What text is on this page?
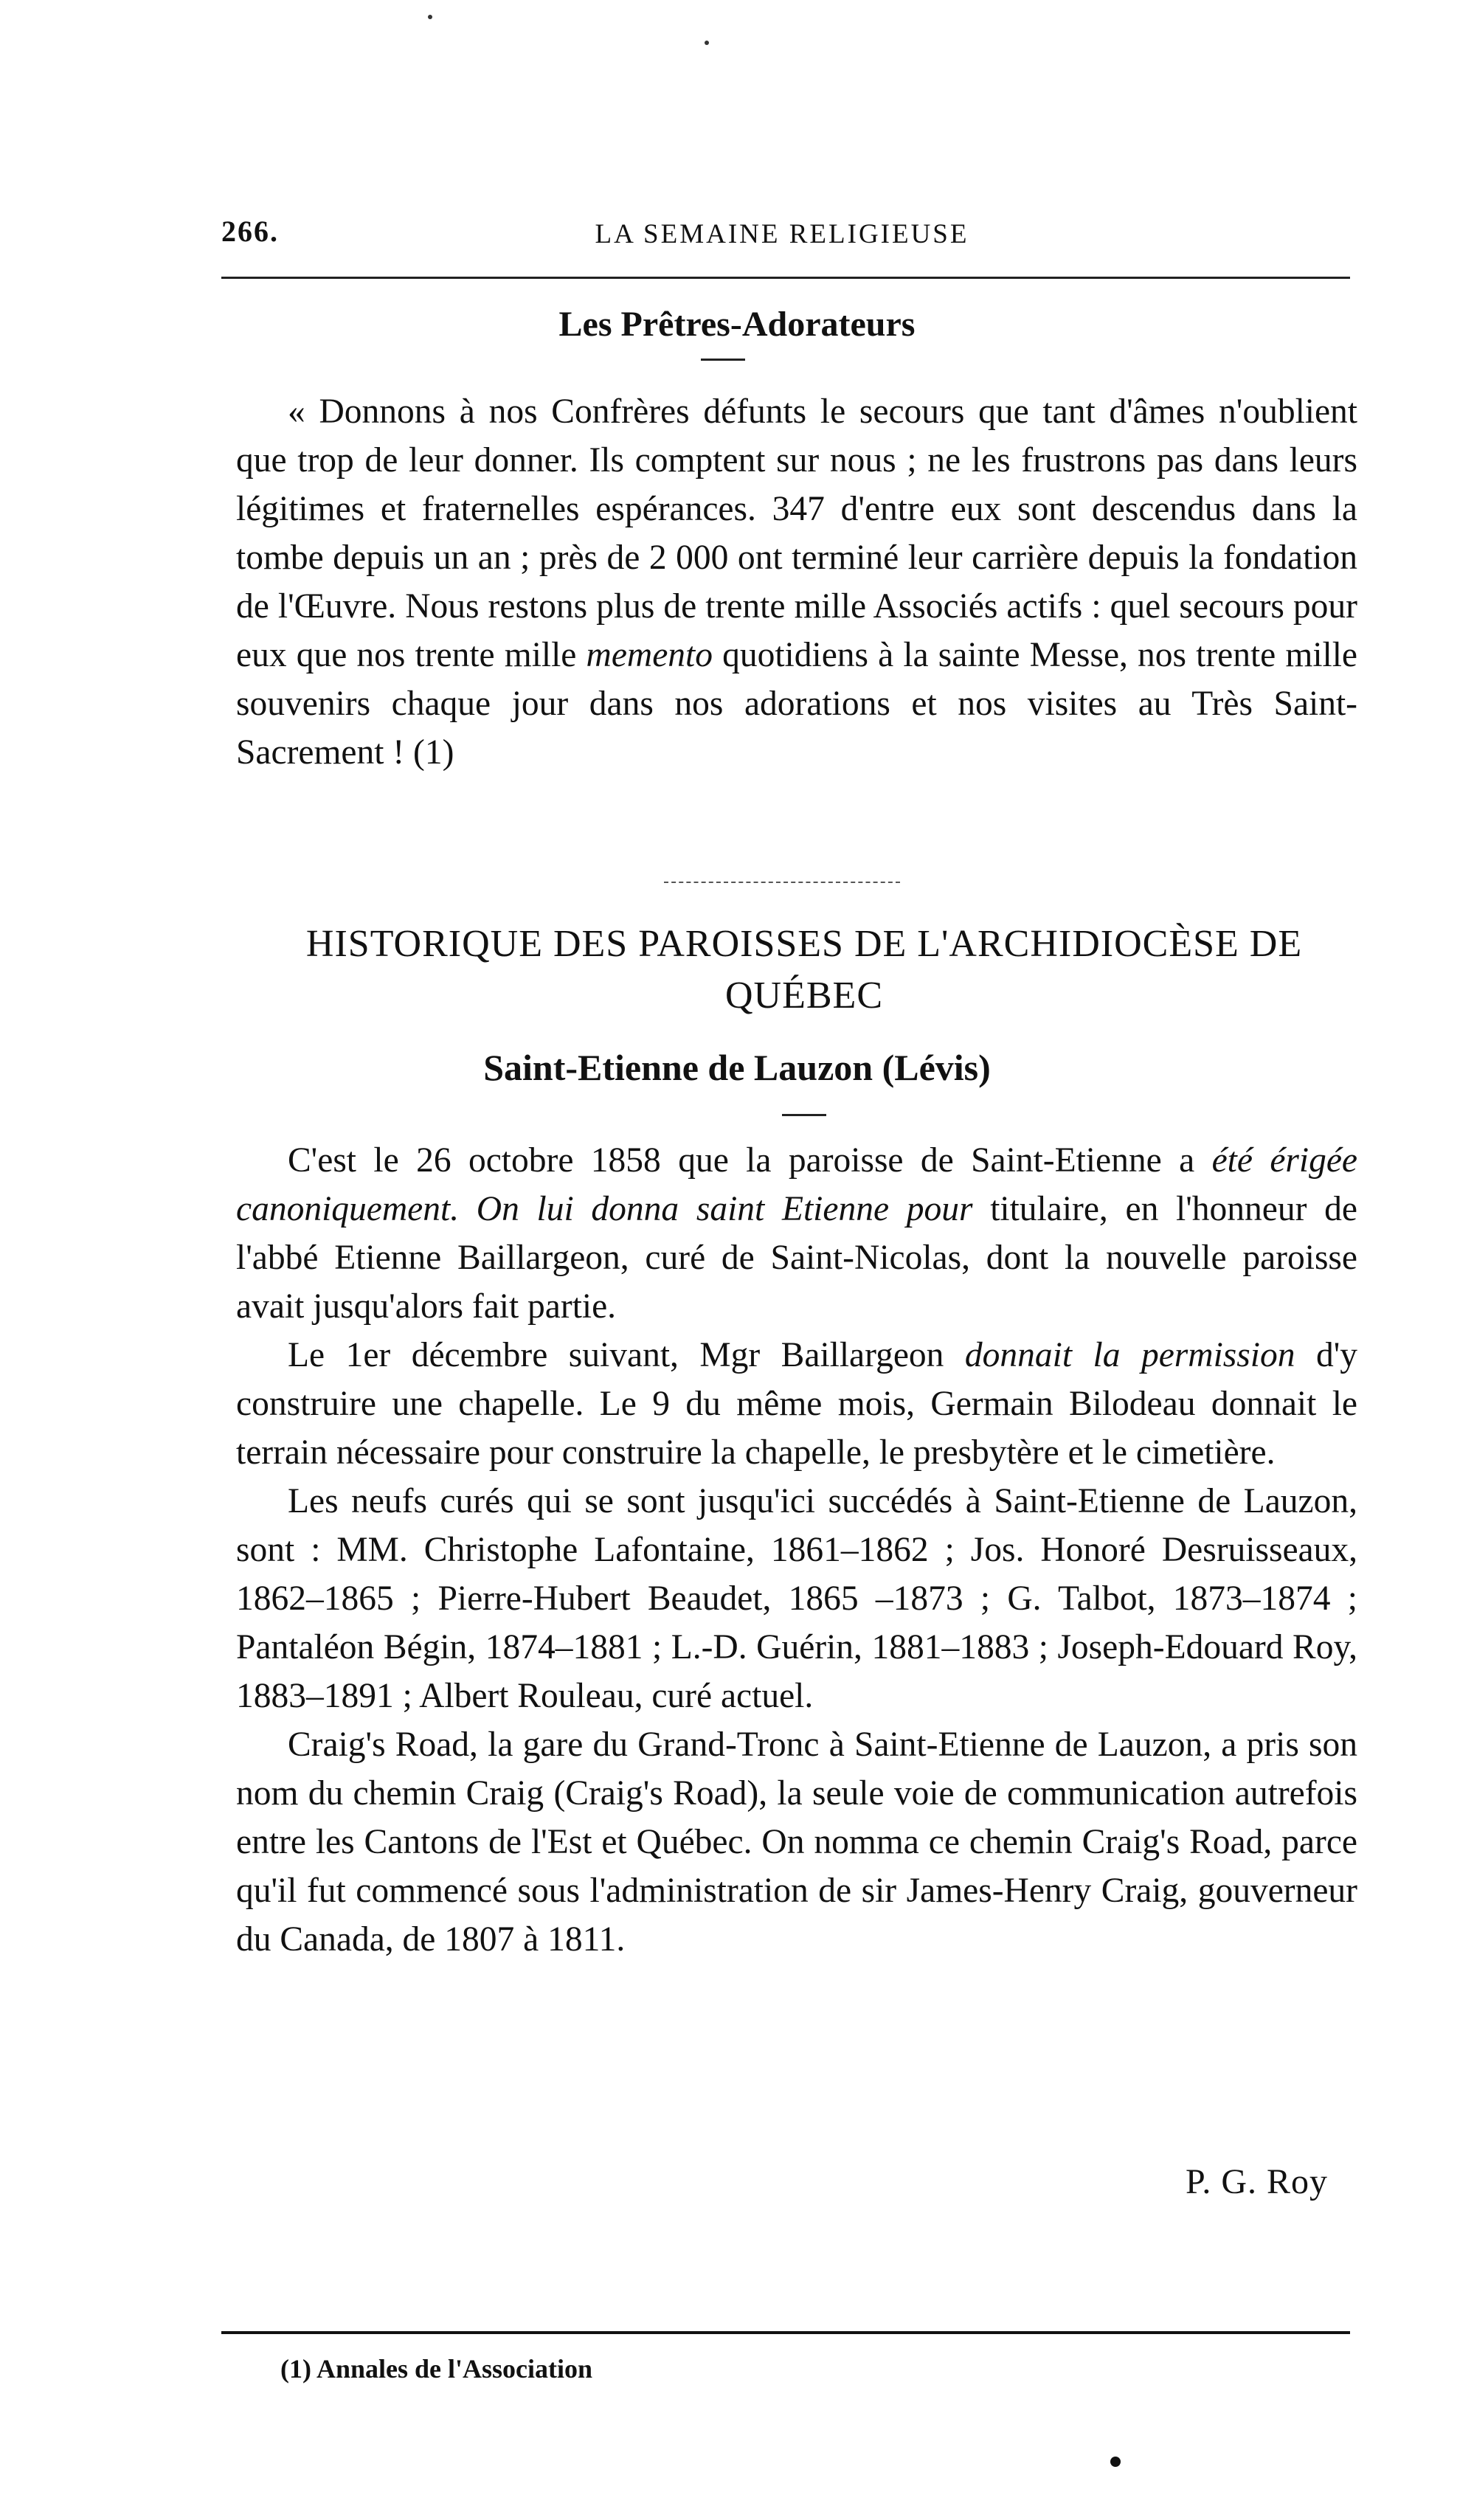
266.	LA SEMAINE RELIGIEUSE
Les Prêtres-Adorateurs

« Donnons à nos Confrères défunts le secours que tant d'âmes n'oublient que trop de leur donner. Ils comptent sur nous ; ne les frustrons pas dans leurs légitimes et fraternelles espérances. 347 d'entre eux sont descendus dans la tombe depuis un an ; près de 2 000 ont terminé leur carrière depuis la fondation de l'Œuvre. Nous restons plus de trente mille Associés actifs : quel secours pour eux que nos trente mille memento quotidiens à la sainte Messe, nos trente mille souvenirs chaque jour dans nos adorations et nos visites au Très Saint-Sacrement ! (1)

HISTORIQUE DES PAROISSES DE L'ARCHIDIOCÈSE DE QUÉBEC
Saint-Etienne de Lauzon (Lévis)

C'est le 26 octobre 1858 que la paroisse de Saint-Etienne a été érigée canoniquement. On lui donna saint Etienne pour titulaire, en l'honneur de l'abbé Etienne Baillargeon, curé de Saint-Nicolas, dont la nouvelle paroisse avait jusqu'alors fait partie.

Le 1er décembre suivant, Mgr Baillargeon donnait la permission d'y construire une chapelle. Le 9 du même mois, Germain Bilodeau donnait le terrain nécessaire pour construire la chapelle, le presbytère et le cimetière.

Les neufs curés qui se sont jusqu'ici succédés à Saint-Etienne de Lauzon, sont : MM. Christophe Lafontaine, 1861–1862 ; Jos. Honoré Desruisseaux, 1862–1865 ; Pierre-Hubert Beaudet, 1865 –1873 ; G. Talbot, 1873–1874 ; Pantaléon Bégin, 1874–1881 ; L.-D. Guérin, 1881–1883 ; Joseph-Edouard Roy, 1883–1891 ; Albert Rouleau, curé actuel.

Craig's Road, la gare du Grand-Tronc à Saint-Etienne de Lauzon, a pris son nom du chemin Craig (Craig's Road), la seule voie de communication autrefois entre les Cantons de l'Est et Québec. On nomma ce chemin Craig's Road, parce qu'il fut commencé sous l'administration de sir James-Henry Craig, gouverneur du Canada, de 1807 à 1811.

P. G. Roy
(1) Annales de l'Association
